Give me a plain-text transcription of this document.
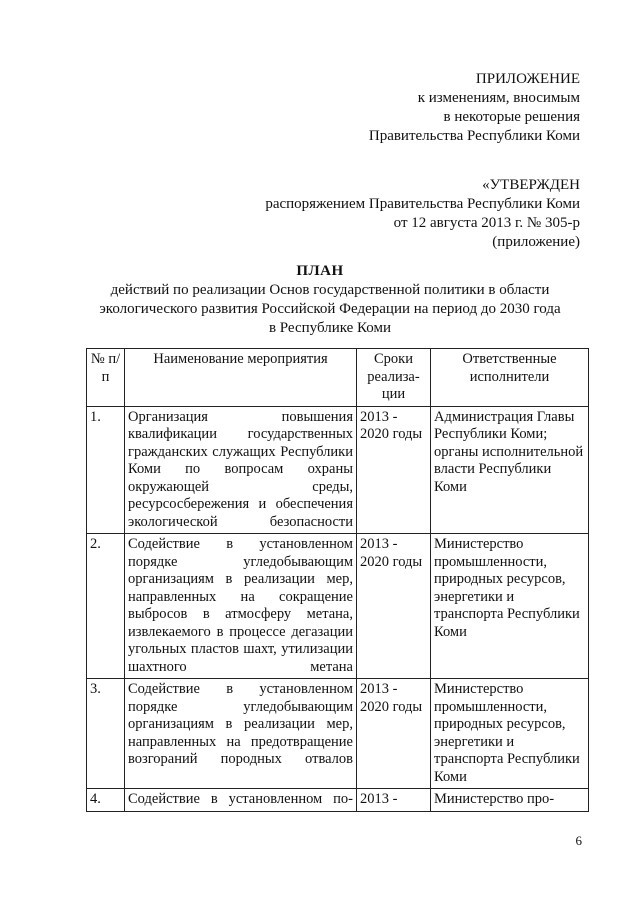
ПРИЛОЖЕНИЕ
к изменениям, вносимым
в некоторые решения
Правительства Республики Коми
«УТВЕРЖДЕН
распоряжением Правительства Республики Коми
от 12 августа 2013 г. № 305-р
(приложение)
ПЛАН
действий по реализации Основ государственной политики в области
экологического развития Российской Федерации на период до 2030 года
в Республике Коми
№ п/п	Наименование мероприятия	Сроки реализа-ции	Ответственные исполнители
1.	Организация повышения квалификации государственных гражданских служащих Республики Коми по вопросам охраны окружающей среды, ресурсосбережения и обеспечения экологической безопасности	2013 - 2020 годы	Администрация Главы Республики Коми; органы исполнительной власти Республики Коми
2.	Содействие в установленном порядке угледобывающим организациям в реализации мер, направленных на сокращение выбросов в атмосферу метана, извлекаемого в процессе дегазации угольных пластов шахт, утилизации шахтного метана	2013 - 2020 годы	Министерство промышленности, природных ресурсов, энергетики и транспорта Республики Коми
3.	Содействие в установленном порядке угледобывающим организациям в реализации мер, направленных на предотвращение возгораний породных отвалов	2013 - 2020 годы	Министерство промышленности, природных ресурсов, энергетики и транспорта Республики Коми
4.	Содействие в установленном по-	2013 -	Министерство про-
6
